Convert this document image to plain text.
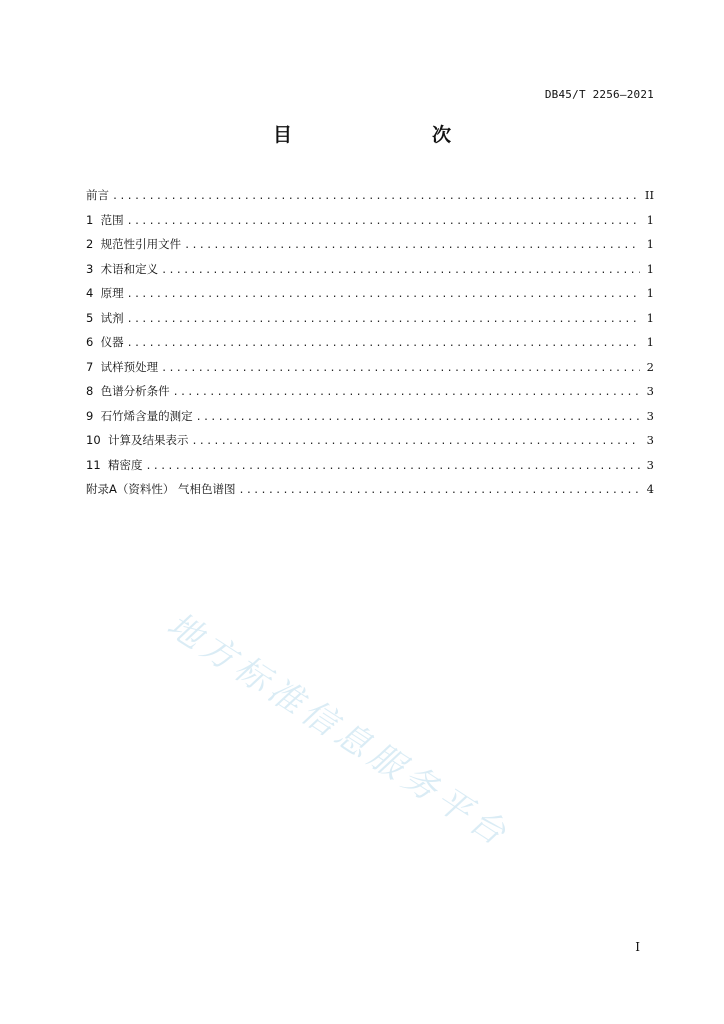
DB45/T 2256—2021
目　　次
前言 .....	II
1 范围 .....	1
2 规范性引用文件 .....	1
3 术语和定义 .....	1
4 原理 .....	1
5 试剂 .....	1
6 仪器 .....	1
7 试样预处理 .....	2
8 色谱分析条件 .....	3
9 石竹烯含量的测定 .....	3
10 计算及结果表示 .....	3
11 精密度 .....	3
附录A（资料性） 气相色谱图 .....	4
地方标准信息服务平台
I
